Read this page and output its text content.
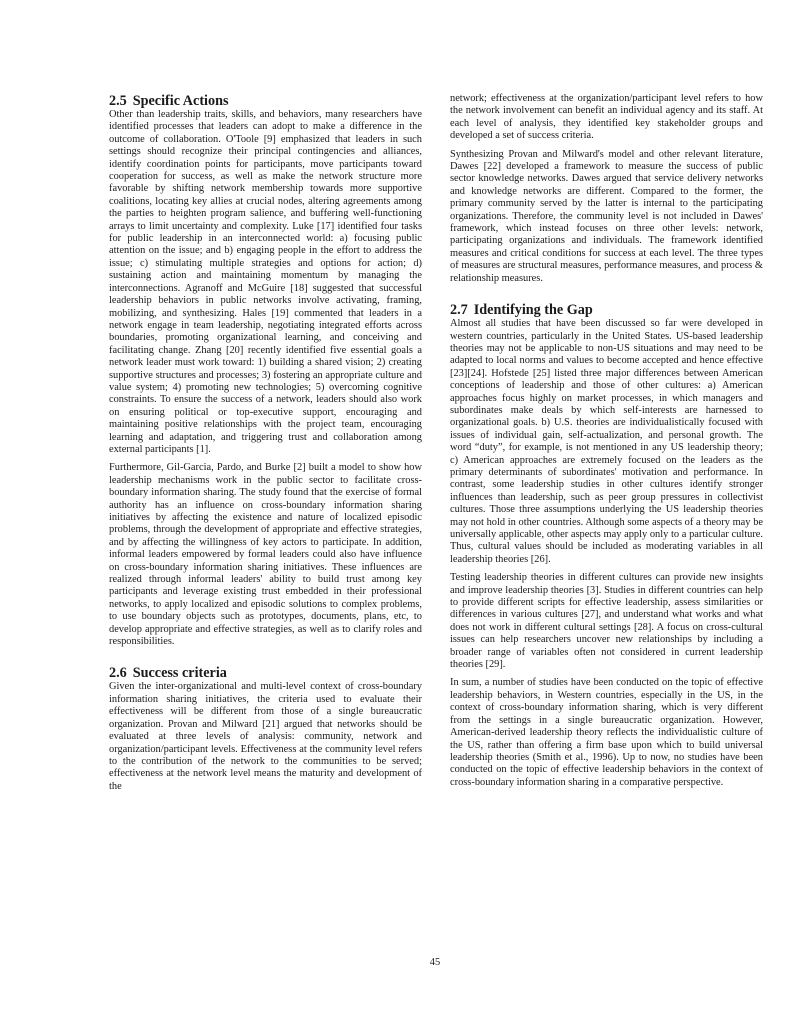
2.5 Specific Actions

Other than leadership traits, skills, and behaviors, many researchers have identified processes that leaders can adopt to make a difference in the outcome of collaboration. O'Toole [9] emphasized that leaders in such settings should recognize their principal contingencies and alliances, identify coordination points for participants, move participants toward cooperation for success, as well as make the network structure more favorable by shifting network membership towards more supportive coalitions, locating key allies at crucial nodes, altering agreements among the parties to heighten program salience, and buffering well-functioning arrays to limit uncertainty and complexity. Luke [17] identified four tasks for public leadership in an interconnected world: a) focusing public attention on the issue; and b) engaging people in the effort to address the issue; c) stimulating multiple strategies and options for action; d) sustaining action and maintaining momentum by managing the interconnections. Agranoff and McGuire [18] suggested that successful leadership behaviors in public networks involve activating, framing, mobilizing, and synthesizing. Hales [19] commented that leaders in a network engage in team leadership, negotiating integrated efforts across boundaries, promoting organizational learning, and conceiving and facilitating change. Zhang [20] recently identified five essential goals a network leader must work toward: 1) building a shared vision; 2) creating supportive structures and processes; 3) fostering an appropriate culture and value system; 4) promoting new technologies; 5) overcoming cognitive constraints. To ensure the success of a network, leaders should also work on ensuring political or top-executive support, encouraging and maintaining positive relationships with the project team, encouraging learning and adaptation, and triggering trust and collaboration among external participants [1].

Furthermore, Gil-Garcia, Pardo, and Burke [2] built a model to show how leadership mechanisms work in the public sector to facilitate cross-boundary information sharing. The study found that the exercise of formal authority has an influence on cross-boundary information sharing initiatives by affecting the existence and nature of localized episodic problems, through the development of appropriate and effective strategies, and by affecting the willingness of key actors to participate. In addition, informal leaders empowered by formal leaders could also have influence on cross-boundary information sharing initiatives. These influences are realized through informal leaders' ability to build trust among key participants and leverage existing trust embedded in their professional networks, to apply localized and episodic solutions to complex problems, to use boundary objects such as prototypes, documents, plans, etc, to develop appropriate and effective strategies, as well as to clarify roles and responsibilities.

2.6 Success criteria

Given the inter-organizational and multi-level context of cross-boundary information sharing initiatives, the criteria used to evaluate their effectiveness will be different from those of a single bureaucratic organization. Provan and Milward [21] argued that networks should be evaluated at three levels of analysis: community, network and organization/participant levels. Effectiveness at the community level refers to the contribution of the network to the communities to be served; effectiveness at the network level means the maturity and development of the

network; effectiveness at the organization/participant level refers to how the network involvement can benefit an individual agency and its staff. At each level of analysis, they identified key stakeholder groups and developed a set of success criteria.

Synthesizing Provan and Milward's model and other relevant literature, Dawes [22] developed a framework to measure the success of public sector knowledge networks. Dawes argued that service delivery networks and knowledge networks are different. Compared to the former, the primary community served by the latter is internal to the participating organizations. Therefore, the community level is not included in Dawes' framework, which instead focuses on three other levels: network, participating organizations and individuals. The framework identified measures and critical conditions for success at each level. The three types of measures are structural measures, performance measures, and process & relationship measures.

2.7 Identifying the Gap

Almost all studies that have been discussed so far were developed in western countries, particularly in the United States. US-based leadership theories may not be applicable to non-US situations and may need to be adapted to local norms and values to become accepted and hence effective [23][24]. Hofstede [25] listed three major differences between American conceptions of leadership and those of other cultures: a) American approaches focus highly on market processes, in which managers and subordinates make deals by which self-interests are harnessed to organizational goals. b) U.S. theories are individualistically focused with issues of individual gain, self-actualization, and personal growth. The word “duty”, for example, is not mentioned in any US leadership theory; c) American approaches are extremely focused on the leaders as the primary determinants of subordinates' motivation and performance. In contrast, some leadership studies in other cultures identify stronger influences than leadership, such as peer group pressures in collectivist cultures. Those three assumptions underlying the US leadership theories may not hold in other countries. Although some aspects of a theory may be universally applicable, other aspects may apply only to a particular culture. Thus, cultural values should be included as moderating variables in all leadership theories [26].

Testing leadership theories in different cultures can provide new insights and improve leadership theories [3]. Studies in different countries can help to provide different scripts for effective leadership, assess similarities or differences in various cultures [27], and understand what works and what does not work in different cultural settings [28]. A focus on cross-cultural issues can help researchers uncover new relationships by including a broader range of variables often not considered in current leadership theories [29].

In sum, a number of studies have been conducted on the topic of effective leadership behaviors, in Western countries, especially in the US, in the context of cross-boundary information sharing, which is very different from the settings in a single bureaucratic organization. However, American-derived leadership theory reflects the individualistic culture of the US, rather than offering a firm base upon which to build universal leadership theories (Smith et al., 1996). Up to now, no studies have been conducted on the topic of effective leadership behaviors in the context of cross-boundary information sharing in a comparative perspective.

45
